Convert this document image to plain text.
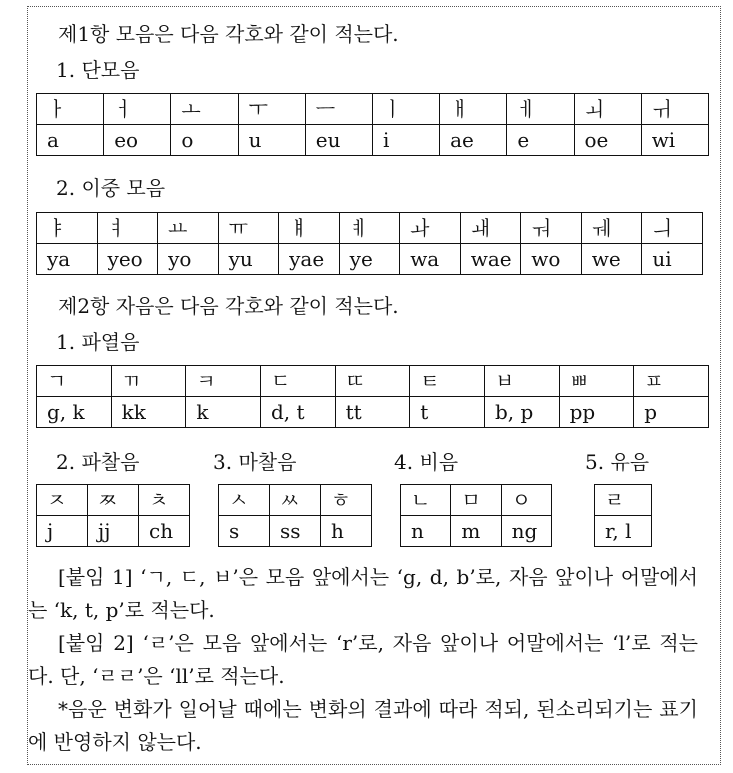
제1항 모음은 다음 각호와 같이 적는다.
1. 단모음
ㅏ	ㅓ	ㅗ	ㅜ	ㅡ	ㅣ	ㅐ	ㅔ	ㅚ	ㅟ
a	eo	o	u	eu	i	ae	e	oe	wi
2. 이중 모음
ㅑ	ㅕ	ㅛ	ㅠ	ㅒ	ㅖ	ㅘ	ㅙ	ㅝ	ㅞ	ㅢ
ya	yeo	yo	yu	yae	ye	wa	wae	wo	we	ui
제2항 자음은 다음 각호와 같이 적는다.
1. 파열음
ㄱ	ㄲ	ㅋ	ㄷ	ㄸ	ㅌ	ㅂ	ㅃ	ㅍ
g, k	kk	k	d, t	tt	t	b, p	pp	p
2. 파찰음	3. 마찰음	4. 비음	5. 유음
ㅈ	ㅉ	ㅊ
j	jj	ch
ㅅ	ㅆ	ㅎ
s	ss	h
ㄴ	ㅁ	ㅇ
n	m	ng
ㄹ
r, l
[붙임 1] ‘ㄱ, ㄷ, ㅂ’은 모음 앞에서는 ‘g, d, b’로, 자음 앞이나 어말에서는 ‘k, t, p’로 적는다.
[붙임 2] ‘ㄹ’은 모음 앞에서는 ‘r’로, 자음 앞이나 어말에서는 ‘l’로 적는다. 단, ‘ㄹㄹ’은 ‘ll’로 적는다.
*음운 변화가 일어날 때에는 변화의 결과에 따라 적되, 된소리되기는 표기에 반영하지 않는다.
